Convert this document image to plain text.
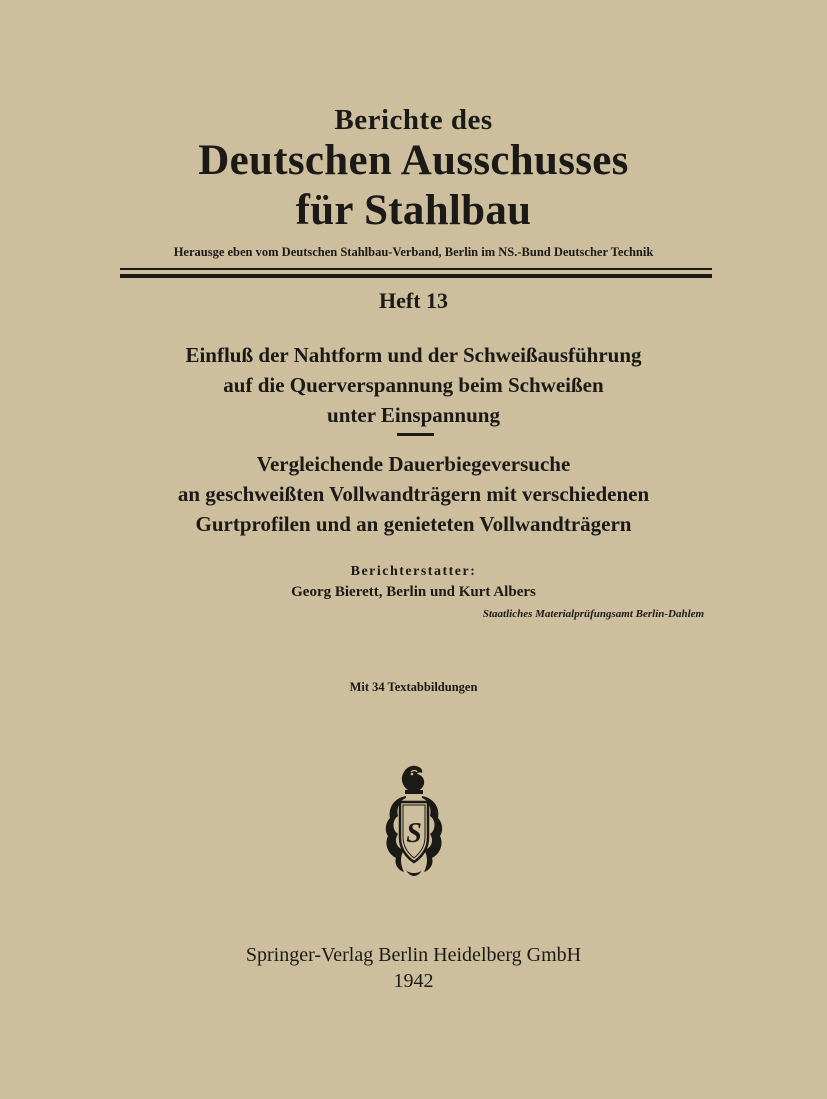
Berichte des
Deutschen Ausschusses
für Stahlbau
Herausge eben vom Deutschen Stahlbau-Verband, Berlin im NS.-Bund Deutscher Technik
Heft 13
Einfluß der Nahtform und der Schweißausführung
auf die Querverspannung beim Schweißen
unter Einspannung
Vergleichende Dauerbiegeversuche
an geschweißten Vollwandträgern mit verschiedenen
Gurtprofilen und an genieteten Vollwandträgern
Berichterstatter:
Georg Bierett, Berlin und Kurt Albers
Staatliches Materialprüfungsamt Berlin-Dahlem
Mit 34 Textabbildungen
S
Springer-Verlag Berlin Heidelberg GmbH
1942
